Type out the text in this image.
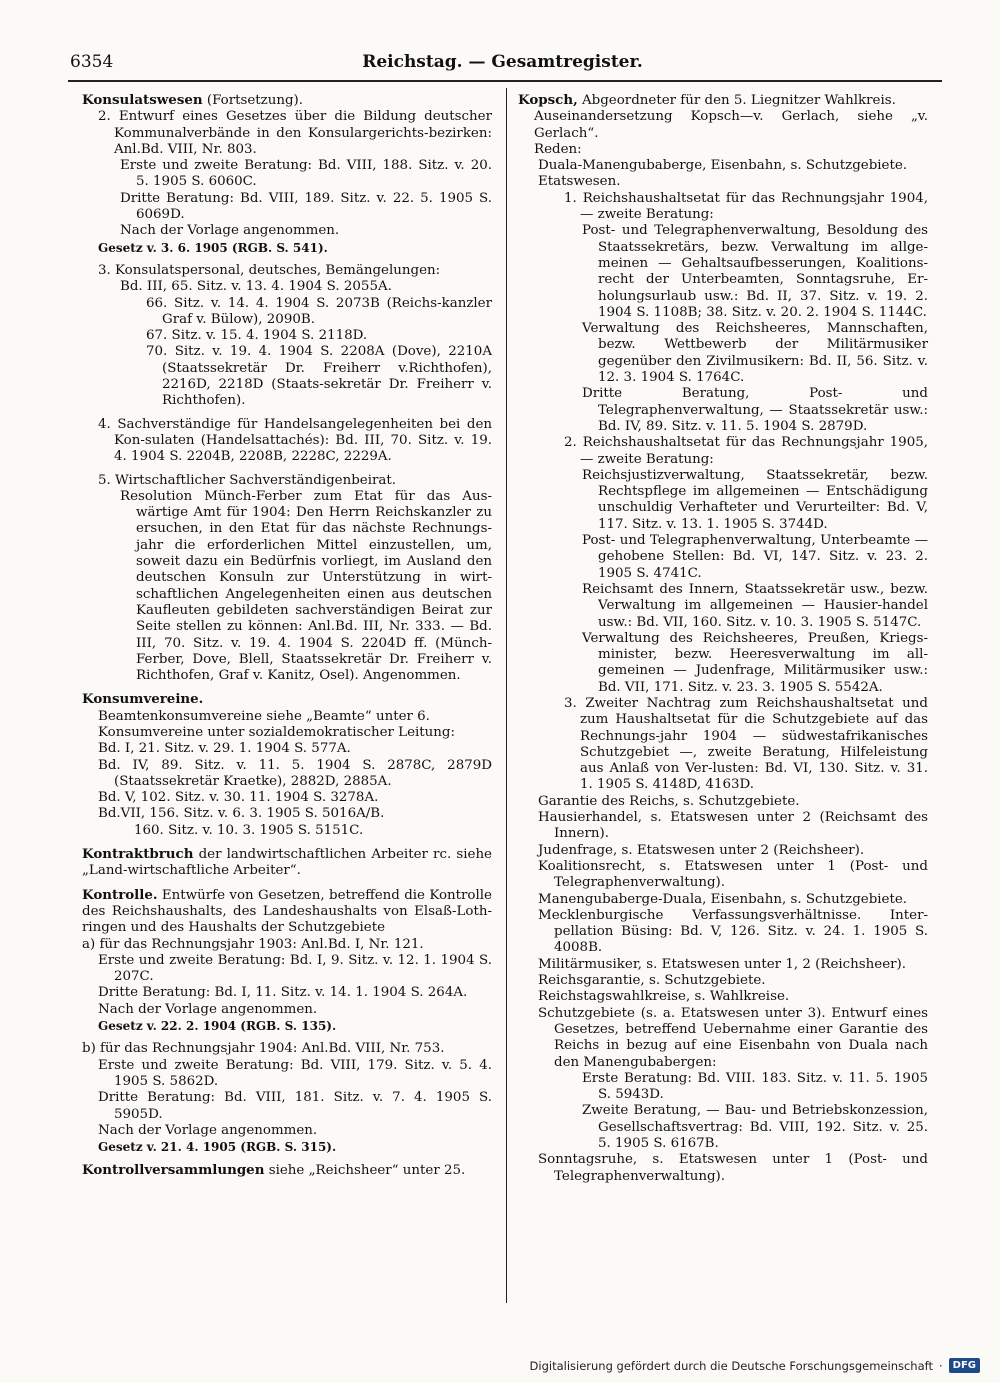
6354	Reichstag. — Gesamtregister.

Konsulatswesen (Fortsetzung).

2. Entwurf eines Gesetzes über die Bildung deutscher Kommunalverbände in den Konsulargerichts-bezirken: Anl.Bd. VIII, Nr. 803.

Erste und zweite Beratung: Bd. VIII, 188. Sitz. v. 20. 5. 1905 S. 6060C.

Dritte Beratung: Bd. VIII, 189. Sitz. v. 22. 5. 1905 S. 6069D.

Nach der Vorlage angenommen.

Gesetz v. 3. 6. 1905 (RGB. S. 541).

3. Konsulatspersonal, deutsches, Bemängelungen:

Bd. III, 65. Sitz. v. 13. 4. 1904 S. 2055A.

66. Sitz. v. 14. 4. 1904 S. 2073B (Reichs-kanzler Graf v. Bülow), 2090B.

67. Sitz. v. 15. 4. 1904 S. 2118D.

70. Sitz. v. 19. 4. 1904 S. 2208A (Dove), 2210A (Staatssekretär Dr. Freiherr v.Richthofen), 2216D, 2218D (Staats-sekretär Dr. Freiherr v. Richthofen).

4. Sachverständige für Handelsangelegenheiten bei den Kon-sulaten (Handelsattachés): Bd. III, 70. Sitz. v. 19. 4. 1904 S. 2204B, 2208B, 2228C, 2229A.

5. Wirtschaftlicher Sachverständigenbeirat.

Resolution Münch-Ferber zum Etat für das Aus-wärtige Amt für 1904: Den Herrn Reichskanzler zu ersuchen, in den Etat für das nächste Rechnungs-jahr die erforderlichen Mittel einzustellen, um, soweit dazu ein Bedürfnis vorliegt, im Ausland den deutschen Konsuln zur Unterstützung in wirt-schaftlichen Angelegenheiten einen aus deutschen Kaufleuten gebildeten sachverständigen Beirat zur Seite stellen zu können: Anl.Bd. III, Nr. 333. — Bd. III, 70. Sitz. v. 19. 4. 1904 S. 2204D ff. (Münch-Ferber, Dove, Blell, Staatssekretär Dr. Freiherr v. Richthofen, Graf v. Kanitz, Osel). Angenommen.

Konsumvereine.

Beamtenkonsumvereine siehe „Beamte“ unter 6.

Konsumvereine unter sozialdemokratischer Leitung:

Bd. I, 21. Sitz. v. 29. 1. 1904 S. 577A.

Bd. IV, 89. Sitz. v. 11. 5. 1904 S. 2878C, 2879D (Staatssekretär Kraetke), 2882D, 2885A.

Bd. V, 102. Sitz. v. 30. 11. 1904 S. 3278A.

Bd.VII, 156. Sitz. v. 6. 3. 1905 S. 5016A/B.

160. Sitz. v. 10. 3. 1905 S. 5151C.

Kontraktbruch der landwirtschaftlichen Arbeiter rc. siehe „Land-wirtschaftliche Arbeiter“.

Kontrolle. Entwürfe von Gesetzen, betreffend die Kontrolle des Reichshaushalts, des Landeshaushalts von Elsaß-Loth-ringen und des Haushalts der Schutzgebiete

a) für das Rechnungsjahr 1903: Anl.Bd. I, Nr. 121.

Erste und zweite Beratung: Bd. I, 9. Sitz. v. 12. 1. 1904 S. 207C.

Dritte Beratung: Bd. I, 11. Sitz. v. 14. 1. 1904 S. 264A.

Nach der Vorlage angenommen.

Gesetz v. 22. 2. 1904 (RGB. S. 135).

b) für das Rechnungsjahr 1904: Anl.Bd. VIII, Nr. 753.

Erste und zweite Beratung: Bd. VIII, 179. Sitz. v. 5. 4. 1905 S. 5862D.

Dritte Beratung: Bd. VIII, 181. Sitz. v. 7. 4. 1905 S. 5905D.

Nach der Vorlage angenommen.

Gesetz v. 21. 4. 1905 (RGB. S. 315).

Kontrollversammlungen siehe „Reichsheer“ unter 25.

Kopsch, Abgeordneter für den 5. Liegnitzer Wahlkreis.

Auseinandersetzung Kopsch—v. Gerlach, siehe „v. Gerlach“.

Reden:

Duala-Manengubaberge, Eisenbahn, s. Schutzgebiete.

Etatswesen.

1. Reichshaushaltsetat für das Rechnungsjahr 1904, — zweite Beratung:

Post- und Telegraphenverwaltung, Besoldung des Staatssekretärs, bezw. Verwaltung im allge-meinen — Gehaltsaufbesserungen, Koalitions-recht der Unterbeamten, Sonntagsruhe, Er-holungsurlaub usw.: Bd. II, 37. Sitz. v. 19. 2. 1904 S. 1108B; 38. Sitz. v. 20. 2. 1904 S. 1144C.

Verwaltung des Reichsheeres, Mannschaften, bezw. Wettbewerb der Militärmusiker gegenüber den Zivilmusikern: Bd. II, 56. Sitz. v. 12. 3. 1904 S. 1764C.

Dritte Beratung, Post- und Telegraphenverwaltung, — Staatssekretär usw.: Bd. IV, 89. Sitz. v. 11. 5. 1904 S. 2879D.

2. Reichshaushaltsetat für das Rechnungsjahr 1905, — zweite Beratung:

Reichsjustizverwaltung, Staatssekretär, bezw. Rechtspflege im allgemeinen — Entschädigung unschuldig Verhafteter und Verurteilter: Bd. V, 117. Sitz. v. 13. 1. 1905 S. 3744D.

Post- und Telegraphenverwaltung, Unterbeamte — gehobene Stellen: Bd. VI, 147. Sitz. v. 23. 2. 1905 S. 4741C.

Reichsamt des Innern, Staatssekretär usw., bezw. Verwaltung im allgemeinen — Hausier-handel usw.: Bd. VII, 160. Sitz. v. 10. 3. 1905 S. 5147C.

Verwaltung des Reichsheeres, Preußen, Kriegs-minister, bezw. Heeresverwaltung im all-gemeinen — Judenfrage, Militärmusiker usw.: Bd. VII, 171. Sitz. v. 23. 3. 1905 S. 5542A.

3. Zweiter Nachtrag zum Reichshaushaltsetat und zum Haushaltsetat für die Schutzgebiete auf das Rechnungs-jahr 1904 — südwestafrikanisches Schutzgebiet —, zweite Beratung, Hilfeleistung aus Anlaß von Ver-lusten: Bd. VI, 130. Sitz. v. 31. 1. 1905 S. 4148D, 4163D.

Garantie des Reichs, s. Schutzgebiete.

Hausierhandel, s. Etatswesen unter 2 (Reichsamt des Innern).

Judenfrage, s. Etatswesen unter 2 (Reichsheer).

Koalitionsrecht, s. Etatswesen unter 1 (Post- und Telegraphenverwaltung).

Manengubaberge-Duala, Eisenbahn, s. Schutzgebiete.

Mecklenburgische Verfassungsverhältnisse. Inter-pellation Büsing: Bd. V, 126. Sitz. v. 24. 1. 1905 S. 4008B.

Militärmusiker, s. Etatswesen unter 1, 2 (Reichsheer).

Reichsgarantie, s. Schutzgebiete.

Reichstagswahlkreise, s. Wahlkreise.

Schutzgebiete (s. a. Etatswesen unter 3). Entwurf eines Gesetzes, betreffend Uebernahme einer Garantie des Reichs in bezug auf eine Eisenbahn von Duala nach den Manengubabergen:

Erste Beratung: Bd. VIII. 183. Sitz. v. 11. 5. 1905 S. 5943D.

Zweite Beratung, — Bau- und Betriebskonzession, Gesellschaftsvertrag: Bd. VIII, 192. Sitz. v. 25. 5. 1905 S. 6167B.

Sonntagsruhe, s. Etatswesen unter 1 (Post- und Telegraphenverwaltung).

Digitalisierung gefördert durch die Deutsche Forschungsgemeinschaft ·	DFG
